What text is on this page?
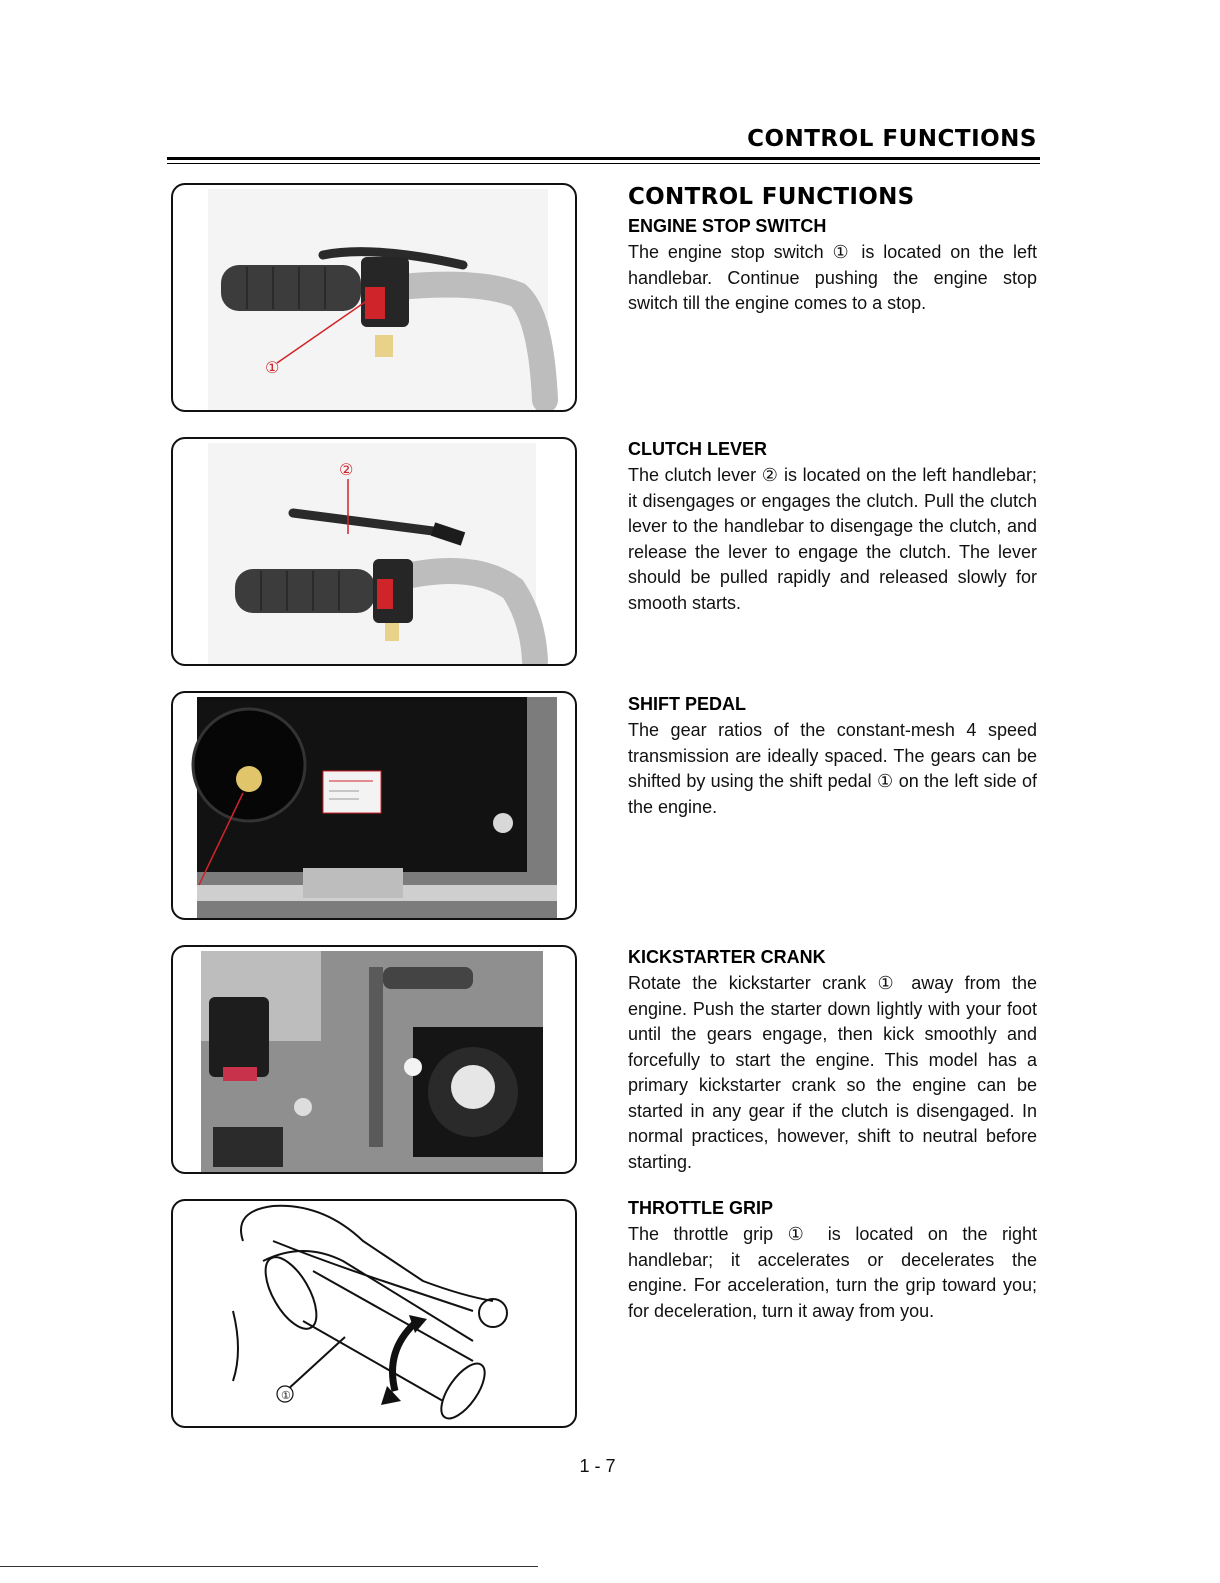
CONTROL FUNCTIONS
①
②
①
CONTROL FUNCTIONS
ENGINE STOP SWITCH

The engine stop switch ① is located on the left handlebar. Continue pushing the engine stop switch till the engine comes to a stop.

CLUTCH LEVER

The clutch lever ② is located on the left handlebar; it disengages or engages the clutch. Pull the clutch lever to the handlebar to disengage the clutch, and release the lever to engage the clutch. The lever should be pulled rapidly and released slowly for smooth starts.

SHIFT PEDAL

The gear ratios of the constant-mesh 4 speed transmission are ideally spaced. The gears can be shifted by using the shift pedal ① on the left side of the engine.

KICKSTARTER CRANK

Rotate the kickstarter crank ① away from the engine. Push the starter down lightly with your foot until the gears engage, then kick smoothly and forcefully to start the engine. This model has a primary kickstarter crank so the engine can be started in any gear if the clutch is disengaged. In normal practices, however, shift to neutral before starting.

THROTTLE GRIP

The throttle grip ① is located on the right handlebar; it accelerates or decelerates the engine. For acceleration, turn the grip toward you; for deceleration, turn it away from you.

1 - 7
